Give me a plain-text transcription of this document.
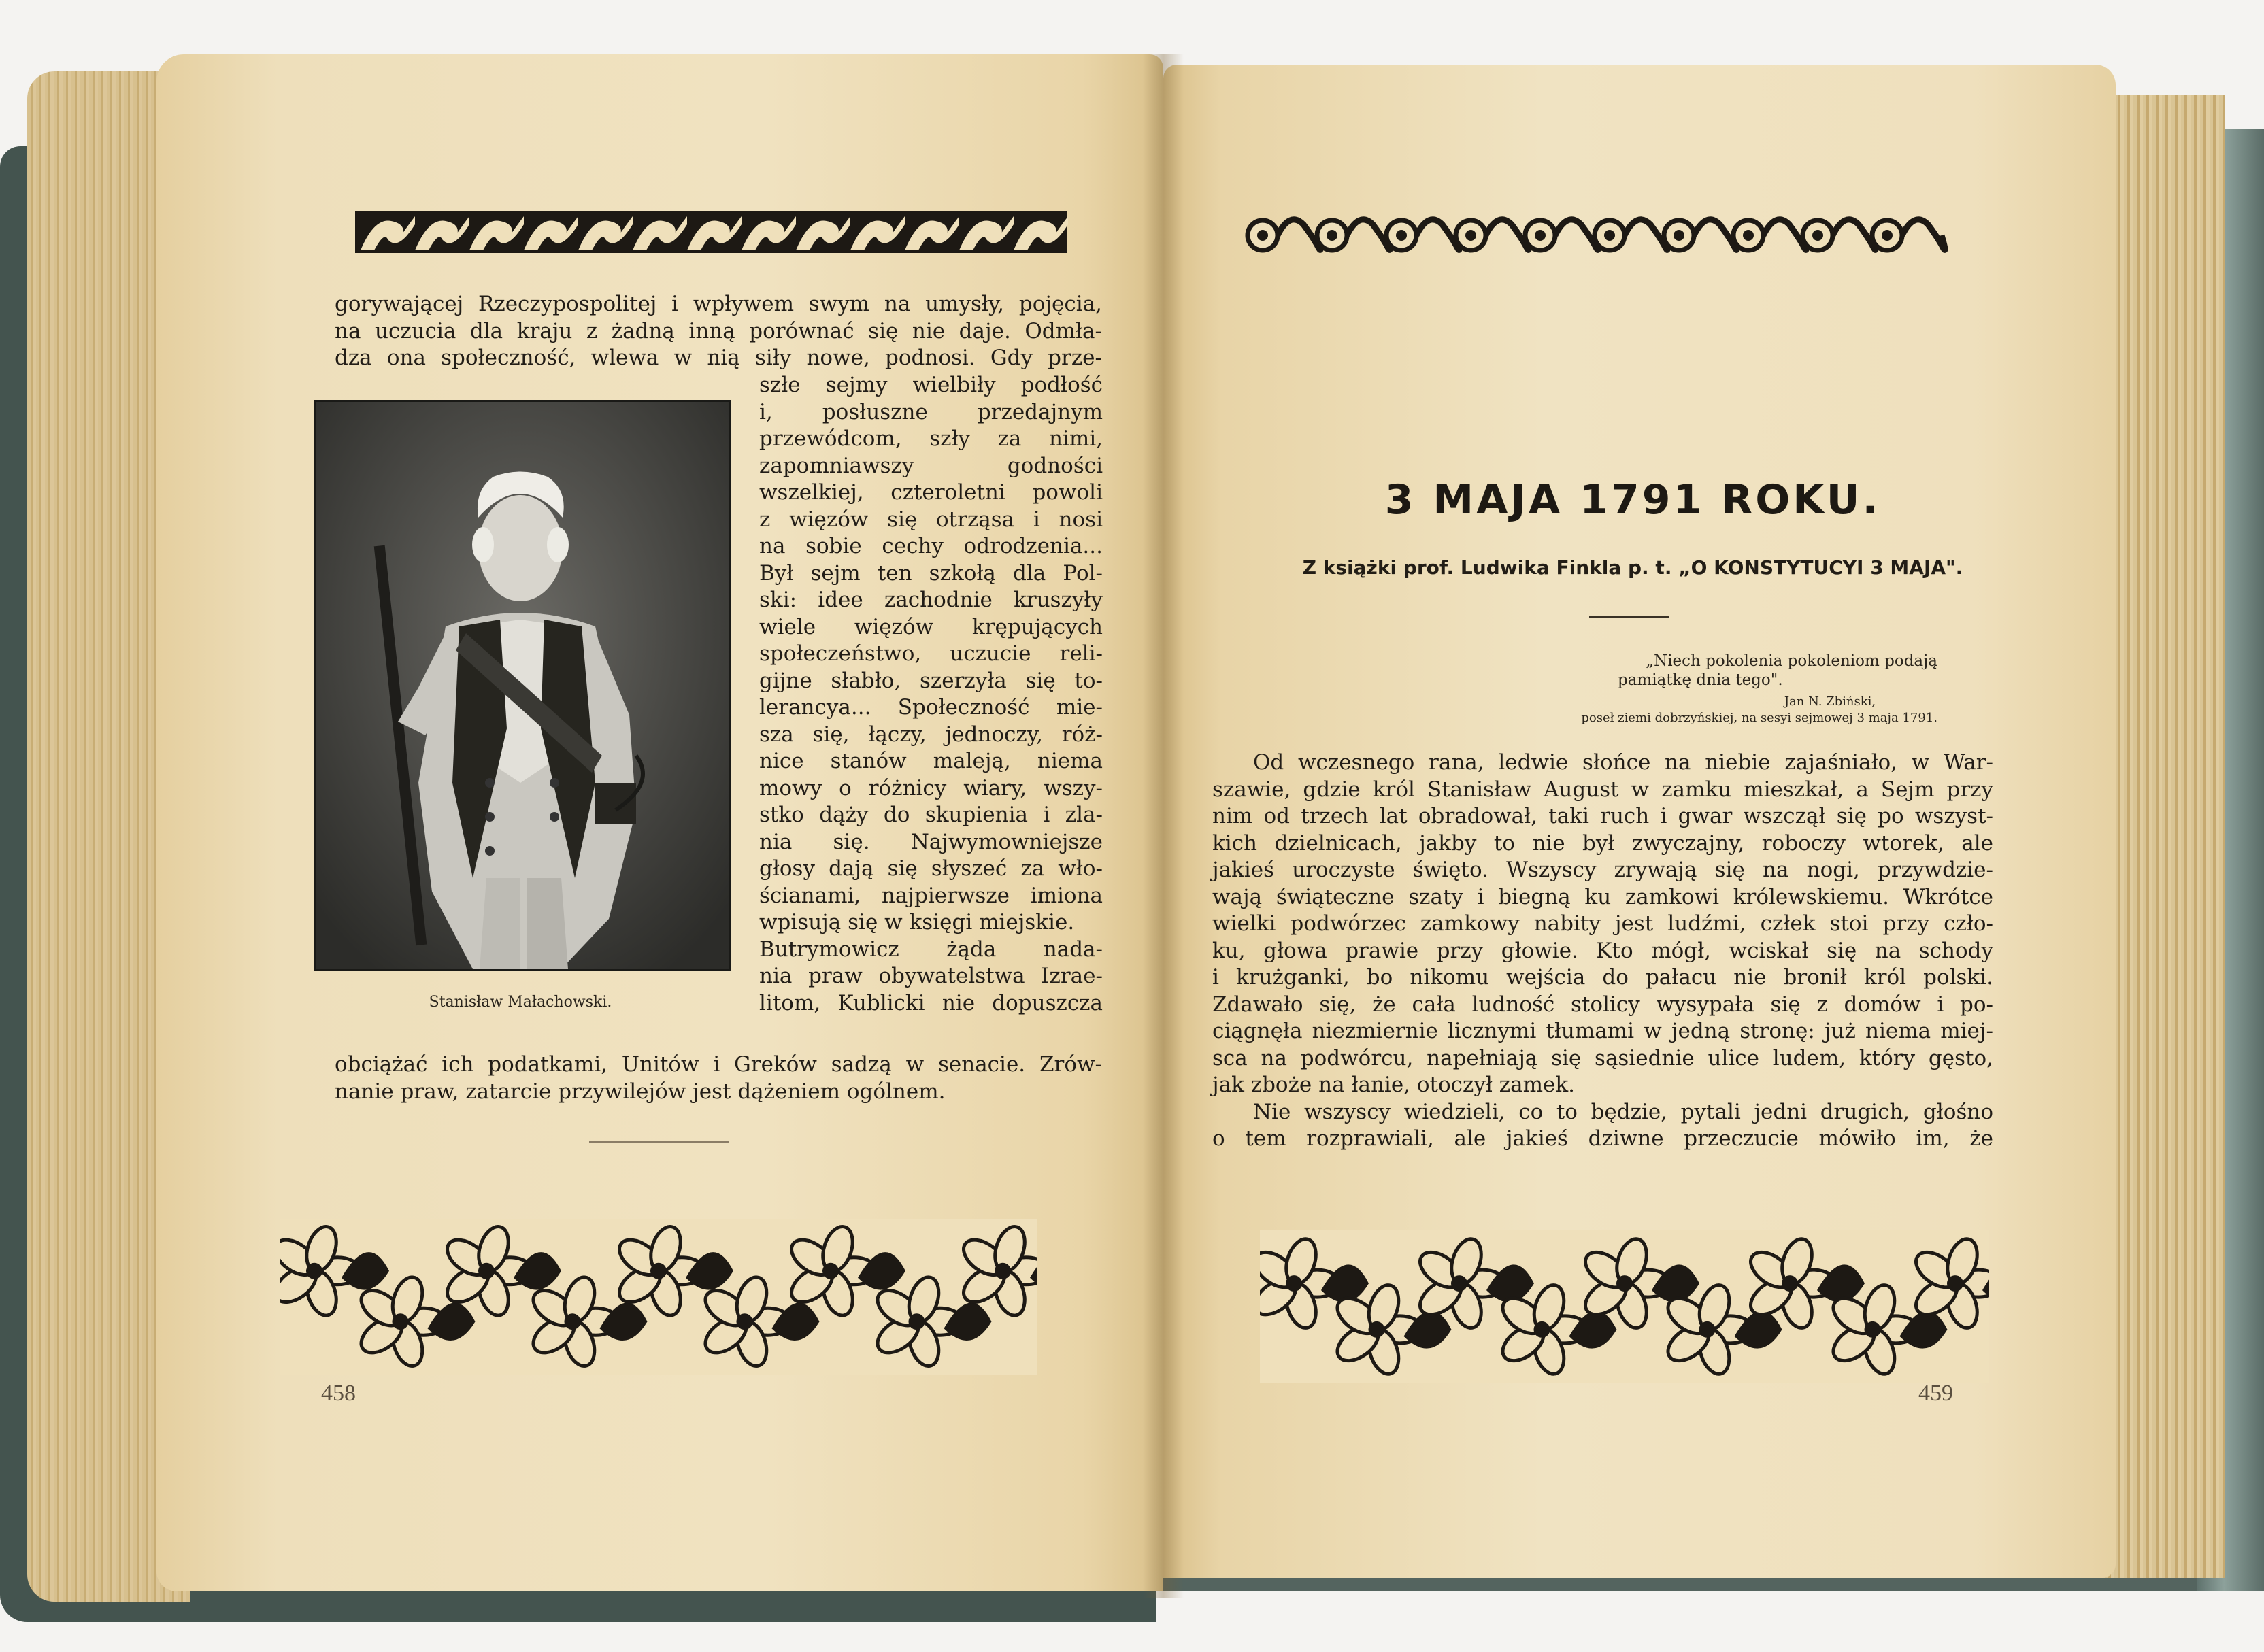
gorywającej Rzeczypospolitej i wpływem swym na umysły, pojęcia,
na uczucia dla kraju z żadną inną porównać się nie daje. Odmła-
dza ona społeczność, wlewa w nią siły nowe, podnosi. Gdy prze-
szłe sejmy wielbiły podłość
i, posłuszne przedajnym
przewódcom, szły za nimi,
zapomniawszy godności
wszelkiej, czteroletni powoli
z więzów się otrząsa i nosi
na sobie cechy odrodzenia...
Był sejm ten szkołą dla Pol-
ski: idee zachodnie kruszyły
wiele więzów krępujących
społeczeństwo, uczucie reli-
gijne słabło, szerzyła się to-
lerancya... Społeczność mie-
sza się, łączy, jednoczy, róż-
nice stanów maleją, niema
mowy o różnicy wiary, wszy-
stko dąży do skupienia i zla-
nia się. Najwymowniejsze
głosy dają się słyszeć za wło-
ścianami, najpierwsze imiona
wpisują się w księgi miejskie.
Butrymowicz żąda nada-
nia praw obywatelstwa Izrae-
litom, Kublicki nie dopuszcza
Stanisław Małachowski.
obciążać ich podatkami, Unitów i Greków sadzą w senacie. Zrów-
nanie praw, zatarcie przywilejów jest dążeniem ogólnem.
458
3 MAJA 1791 ROKU.
Z książki prof. Ludwika Finkla p. t. „O KONSTYTUCYI 3 MAJA".
„Niech pokolenia pokoleniom podają
pamiątkę dnia tego".
Jan N. Zbiński,
poseł ziemi dobrzyńskiej, na sesyi sejmowej 3 maja 1791.
Od wczesnego rana, ledwie słońce na niebie zajaśniało, w War-
szawie, gdzie król Stanisław August w zamku mieszkał, a Sejm przy
nim od trzech lat obradował, taki ruch i gwar wszczął się po wszyst-
kich dzielnicach, jakby to nie był zwyczajny, roboczy wtorek, ale
jakieś uroczyste święto. Wszyscy zrywają się na nogi, przywdzie-
wają świąteczne szaty i biegną ku zamkowi królewskiemu. Wkrótce
wielki podwórzec zamkowy nabity jest ludźmi, człek stoi przy czło-
ku, głowa prawie przy głowie. Kto mógł, wciskał się na schody
i krużganki, bo nikomu wejścia do pałacu nie bronił król polski.
Zdawało się, że cała ludność stolicy wysypała się z domów i po-
ciągnęła niezmiernie licznymi tłumami w jedną stronę: już niema miej-
sca na podwórcu, napełniają się sąsiednie ulice ludem, który gęsto,
jak zboże na łanie, otoczył zamek.
Nie wszyscy wiedzieli, co to będzie, pytali jedni drugich, głośno
o tem rozprawiali, ale jakieś dziwne przeczucie mówiło im, że
459
